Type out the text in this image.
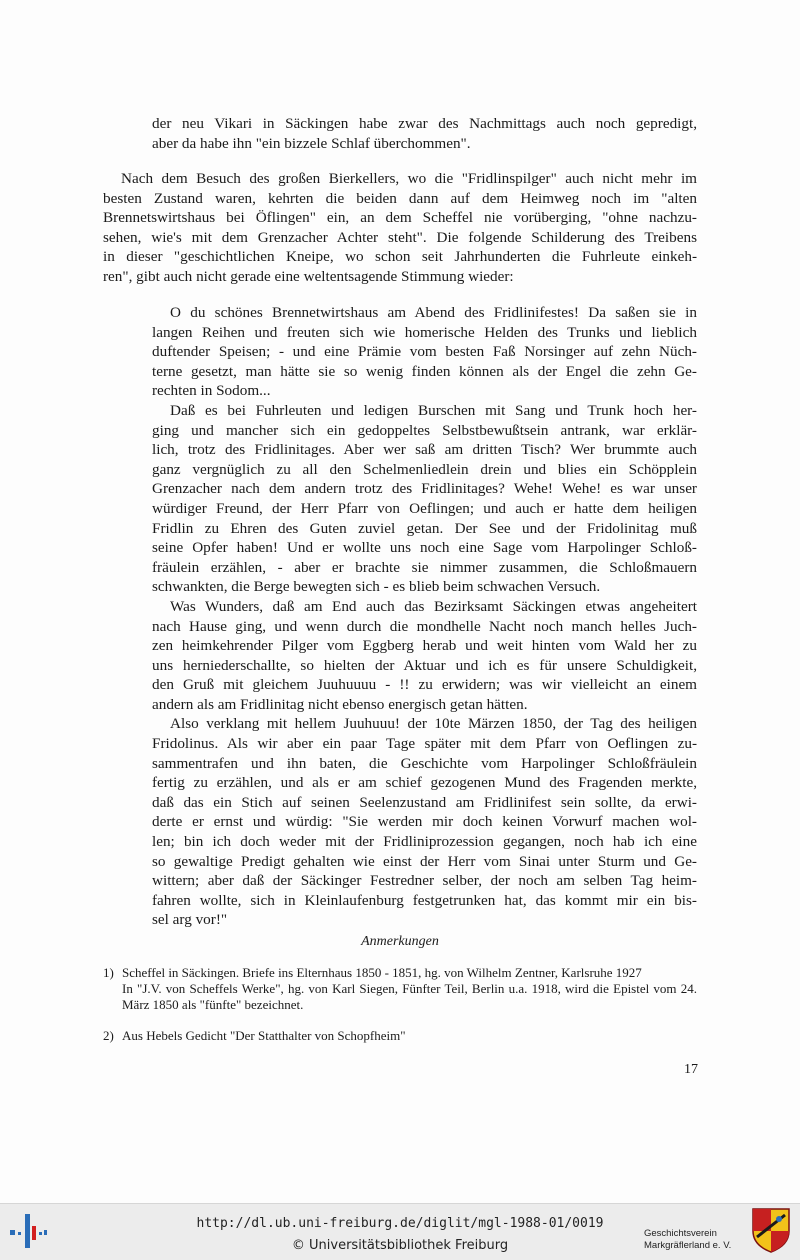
der neu Vikari in Säckingen habe zwar des Nachmittags auch noch gepredigt,
aber da habe ihn "ein bizzele Schlaf überchommen".
Nach dem Besuch des großen Bierkellers, wo die "Fridlinspilger" auch nicht mehr im
besten Zustand waren, kehrten die beiden dann auf dem Heimweg noch im "alten
Brennetswirtshaus bei Öflingen" ein, an dem Scheffel nie vorüberging, "ohne nachzu-
sehen, wie's mit dem Grenzacher Achter steht". Die folgende Schilderung des Treibens
in dieser "geschichtlichen Kneipe, wo schon seit Jahrhunderten die Fuhrleute einkeh-
ren", gibt auch nicht gerade eine weltentsagende Stimmung wieder:
O du schönes Brennetwirtshaus am Abend des Fridlinifestes! Da saßen sie in
langen Reihen und freuten sich wie homerische Helden des Trunks und lieblich
duftender Speisen; - und eine Prämie vom besten Faß Norsinger auf zehn Nüch-
terne gesetzt, man hätte sie so wenig finden können als der Engel die zehn Ge-
rechten in Sodom...
Daß es bei Fuhrleuten und ledigen Burschen mit Sang und Trunk hoch her-
ging und mancher sich ein gedoppeltes Selbstbewußtsein antrank, war erklär-
lich, trotz des Fridlinitages. Aber wer saß am dritten Tisch? Wer brummte auch
ganz vergnüglich zu all den Schelmenliedlein drein und blies ein Schöpplein
Grenzacher nach dem andern trotz des Fridlinitages? Wehe! Wehe! es war unser
würdiger Freund, der Herr Pfarr von Oeflingen; und auch er hatte dem heiligen
Fridlin zu Ehren des Guten zuviel getan. Der See und der Fridolinitag muß
seine Opfer haben! Und er wollte uns noch eine Sage vom Harpolinger Schloß-
fräulein erzählen, - aber er brachte sie nimmer zusammen, die Schloßmauern
schwankten, die Berge bewegten sich - es blieb beim schwachen Versuch.
Was Wunders, daß am End auch das Bezirksamt Säckingen etwas angeheitert
nach Hause ging, und wenn durch die mondhelle Nacht noch manch helles Juch-
zen heimkehrender Pilger vom Eggberg herab und weit hinten vom Wald her zu
uns herniederschallte, so hielten der Aktuar und ich es für unsere Schuldigkeit,
den Gruß mit gleichem Juuhuuuu - !! zu erwidern; was wir vielleicht an einem
andern als am Fridlinitag nicht ebenso energisch getan hätten.
Also verklang mit hellem Juuhuuu! der 10te Märzen 1850, der Tag des heiligen
Fridolinus. Als wir aber ein paar Tage später mit dem Pfarr von Oeflingen zu-
sammentrafen und ihn baten, die Geschichte vom Harpolinger Schloßfräulein
fertig zu erzählen, und als er am schief gezogenen Mund des Fragenden merkte,
daß das ein Stich auf seinen Seelenzustand am Fridlinifest sein sollte, da erwi-
derte er ernst und würdig: "Sie werden mir doch keinen Vorwurf machen wol-
len; bin ich doch weder mit der Fridliniprozession gegangen, noch hab ich eine
so gewaltige Predigt gehalten wie einst der Herr vom Sinai unter Sturm und Ge-
wittern; aber daß der Säckinger Festredner selber, der noch am selben Tag heim-
fahren wollte, sich in Kleinlaufenburg festgetrunken hat, das kommt mir ein bis-
sel arg vor!"
Anmerkungen
1) Scheffel in Säckingen. Briefe ins Elternhaus 1850 - 1851, hg. von Wilhelm Zentner, Karlsruhe 1927
In "J.V. von Scheffels Werke", hg. von Karl Siegen, Fünfter Teil, Berlin u.a. 1918, wird die Epistel vom 24. März 1850 als "fünfte" bezeichnet.
2) Aus Hebels Gedicht "Der Statthalter von Schopfheim"
17
http://dl.ub.uni-freiburg.de/diglit/mgl-1988-01/0019
© Universitätsbibliothek Freiburg
Geschichtsverein
Markgräflerland e. V.
